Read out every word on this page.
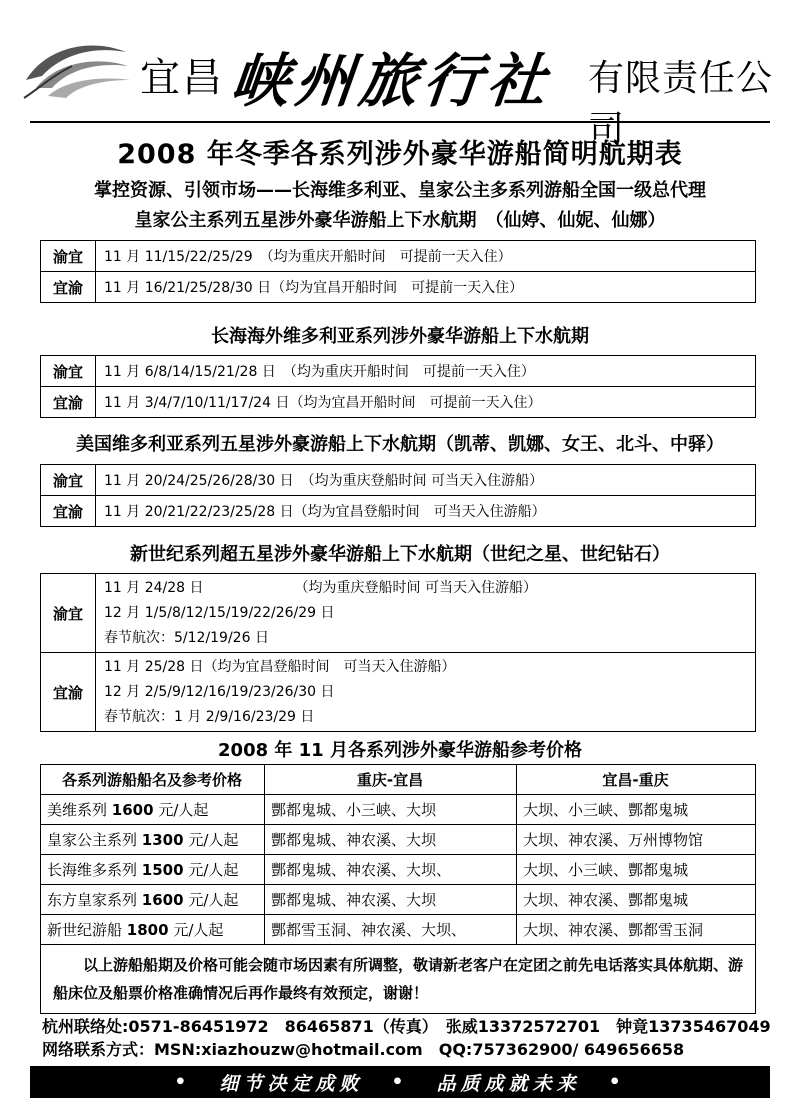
宜昌 峡州旅行社 有限责任公司
2008 年冬季各系列涉外豪华游船简明航期表
掌控资源、引领市场——长海维多利亚、皇家公主多系列游船全国一级总代理
皇家公主系列五星涉外豪华游船上下水航期　（仙婷、仙妮、仙娜）
渝宜	11 月 11/15/22/25/29　（均为重庆开船时间　可提前一天入住）
宜渝	11 月 16/21/25/28/30 日（均为宜昌开船时间　可提前一天入住）
长海海外维多利亚系列涉外豪华游船上下水航期
渝宜	11 月 6/8/14/15/21/28 日　（均为重庆开船时间　可提前一天入住）
宜渝	11 月 3/4/7/10/11/17/24 日（均为宜昌开船时间　可提前一天入住）
美国维多利亚系列五星涉外豪游船上下水航期（凯蒂、凯娜、女王、北斗、中驿）
渝宜	11 月 20/24/25/26/28/30 日　（均为重庆登船时间 可当天入住游船）
宜渝	11 月 20/21/22/23/25/28 日（均为宜昌登船时间　可当天入住游船）
新世纪系列超五星涉外豪华游船上下水航期（世纪之星、世纪钻石）
渝宜	11 月 24/28 日　　　　　　　（均为重庆登船时间 可当天入住游船）
12 月 1/5/8/12/15/19/22/26/29 日
春节航次：5/12/19/26 日

宜渝	11 月 25/28 日（均为宜昌登船时间　可当天入住游船）
12 月 2/5/9/12/16/19/23/26/30 日
春节航次：1 月 2/9/16/23/29 日
2008 年 11 月各系列涉外豪华游船参考价格
各系列游船船名及参考价格	重庆-宜昌	宜昌-重庆
美维系列 1600 元/人起	酆都鬼城、小三峡、大坝	大坝、小三峡、酆都鬼城
皇家公主系列 1300 元/人起	酆都鬼城、神农溪、大坝	大坝、神农溪、万州博物馆
长海维多系列 1500 元/人起	酆都鬼城、神农溪、大坝、	大坝、小三峡、酆都鬼城
东方皇家系列 1600 元/人起	酆都鬼城、神农溪、大坝	大坝、神农溪、酆都鬼城
新世纪游船 1800 元/人起	酆都雪玉洞、神农溪、大坝、	大坝、神农溪、酆都雪玉洞
以上游船船期及价格可能会随市场因素有所调整，敬请新老客户在定团之前先电话落实具体航期、游船床位及船票价格准确情况后再作最终有效预定，谢谢！		
杭州联络处:0571-86451972　86465871（传真）　张威13372572701　钟竟13735467049
网络联系方式：MSN:xiazhouzw@hotmail.com　QQ:757362900/ 649656658
• 细节决定成败 • 品质成就未来 •
